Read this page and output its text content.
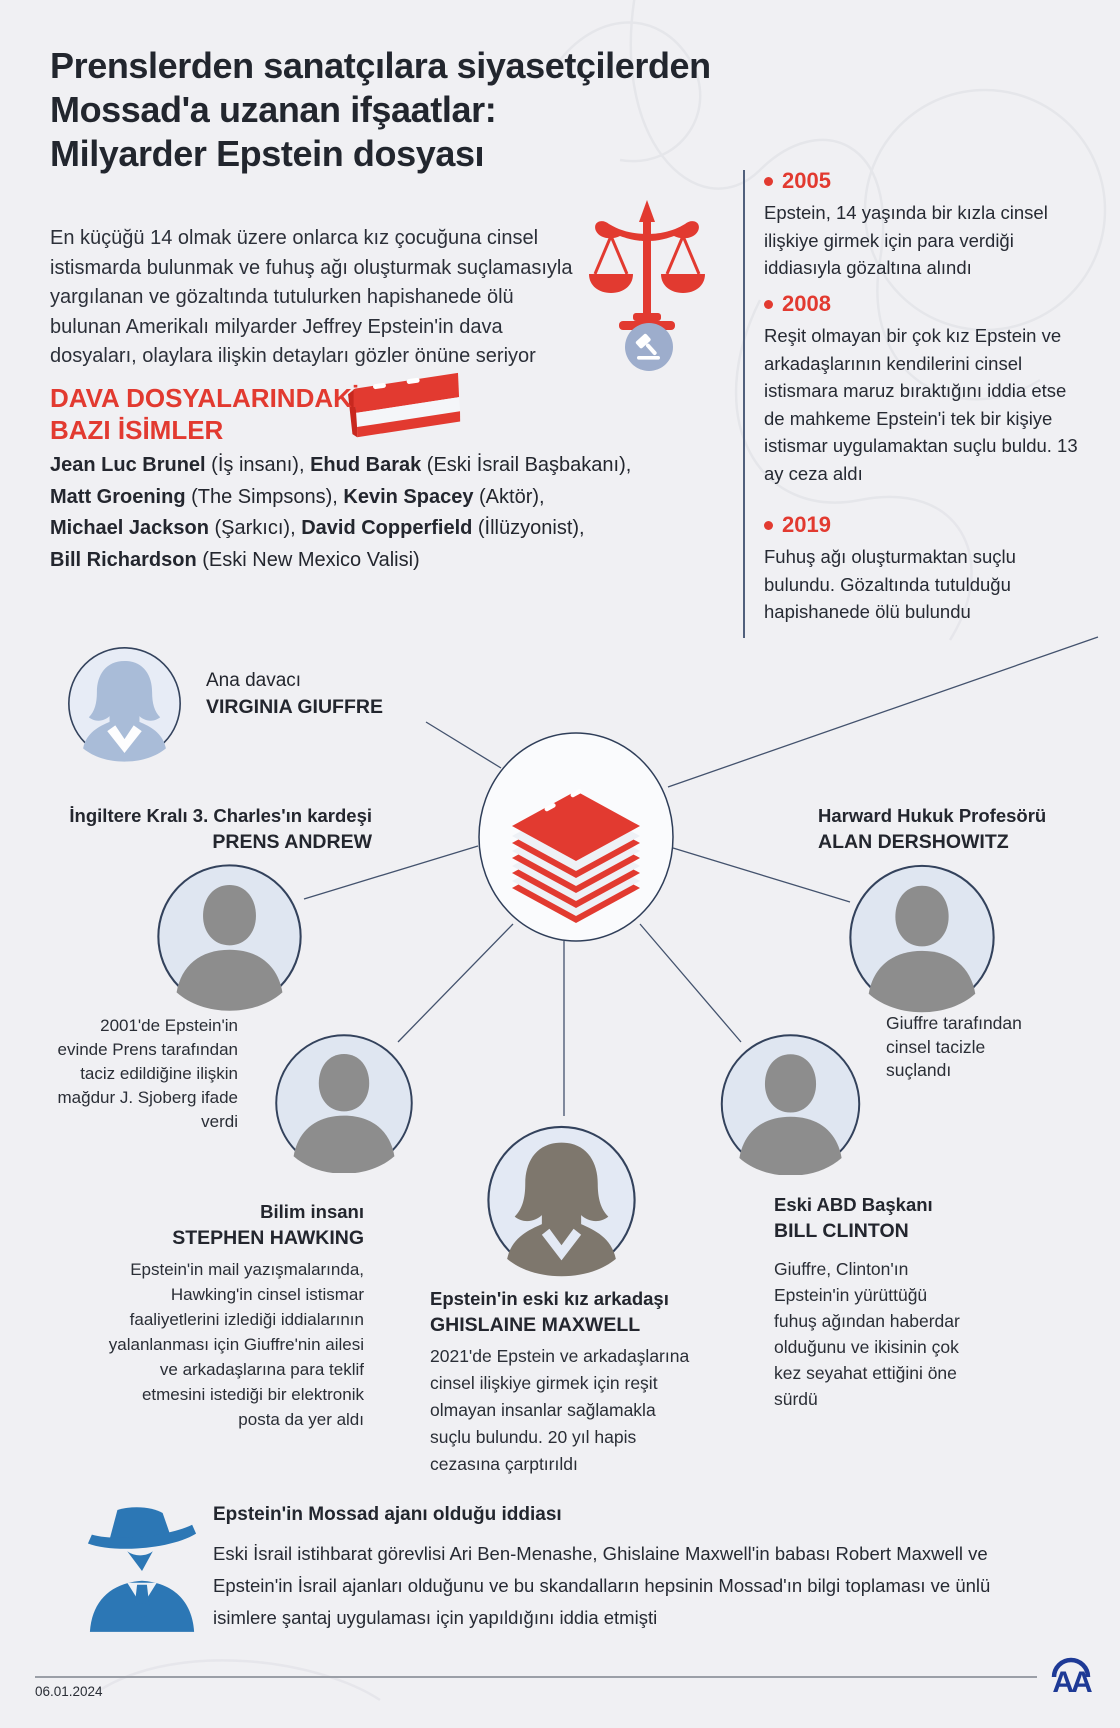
Prenslerden sanatçılara siyasetçilerden
Mossad'a uzanan ifşaatlar:
Milyarder Epstein dosyası

En küçüğü 14 olmak üzere onlarca kız çocuğuna cinsel istismarda bulunmak ve fuhuş ağı oluşturmak suçlamasıyla yargılanan ve gözaltında tutulurken hapishanede ölü bulunan Amerikalı milyarder Jeffrey Epstein'in dava dosyaları, olaylara ilişkin detayları gözler önüne seriyor

2005

Epstein, 14 yaşında bir kızla cinsel ilişkiye girmek için para verdiği iddiasıyla gözaltına alındı

2008

Reşit olmayan bir çok kız Epstein ve arkadaşlarının kendilerini cinsel istismara maruz bıraktığını iddia etse de mahkeme Epstein'i tek bir kişiye istismar uygulamaktan suçlu buldu. 13 ay ceza aldı

2019

Fuhuş ağı oluşturmaktan suçlu bulundu. Gözaltında tutulduğu hapishanede ölü bulundu

DAVA DOSYALARINDAKİ
BAZI İSİMLER

Jean Luc Brunel (İş insanı), Ehud Barak (Eski İsrail Başbakanı),
Matt Groening (The Simpsons), Kevin Spacey (Aktör),
Michael Jackson (Şarkıcı), David Copperfield (İllüzyonist),
Bill Richardson (Eski New Mexico Valisi)

Ana davacı
VIRGINIA GIUFFRE
İngiltere Kralı 3. Charles'ın kardeşi
PRENS ANDREW
2001'de Epstein'in evinde Prens tarafından taciz edildiğine ilişkin mağdur J. Sjoberg ifade verdi
Harward Hukuk Profesörü
ALAN DERSHOWITZ
Giuffre tarafından cinsel tacizle suçlandı
Bilim insanı
STEPHEN HAWKING
Epstein'in mail yazışmalarında, Hawking'in cinsel istismar faaliyetlerini izlediği iddialarının yalanlanması için Giuffre'nin ailesi ve arkadaşlarına para teklif etmesini istediği bir elektronik posta da yer aldı
Epstein'in eski kız arkadaşı
GHISLAINE MAXWELL
2021'de Epstein ve arkadaşlarına cinsel ilişkiye girmek için reşit olmayan insanlar sağlamakla suçlu bulundu. 20 yıl hapis cezasına çarptırıldı
Eski ABD Başkanı
BILL CLINTON
Giuffre, Clinton'ın Epstein'in yürüttüğü fuhuş ağından haberdar olduğunu ve ikisinin çok kez seyahat ettiğini öne sürdü
Epstein'in Mossad ajanı olduğu iddiası

Eski İsrail istihbarat görevlisi Ari Ben-Menashe, Ghislaine Maxwell'in babası Robert Maxwell ve Epstein'in İsrail ajanları olduğunu ve bu skandalların hepsinin Mossad'ın bilgi toplaması ve ünlü isimlere şantaj uygulaması için yapıldığını iddia etmişti

06.01.2024	AA
